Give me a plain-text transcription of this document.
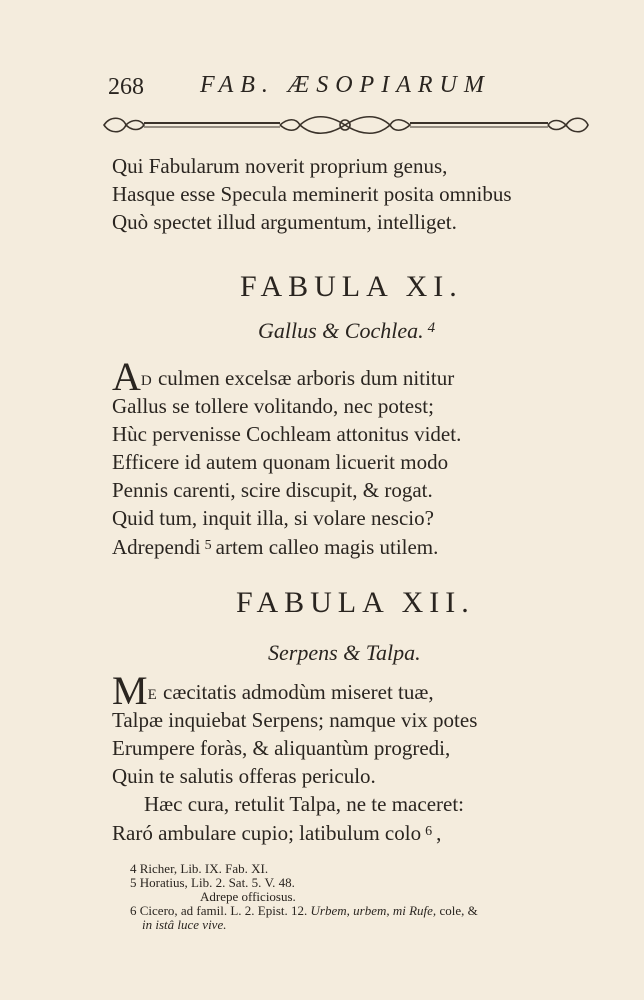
268 FAB. ÆSOPIARUM
Qui Fabularum noverit proprium genus,
Hasque esse Specula meminerit posita omnibus
Quò spectet illud argumentum, intelliget.
FABULA XI.
Gallus & Cochlea. $^4$
AD culmen excelsæ arboris dum nititur
Gallus se tollere volitando, nec potest;
Hùc pervenisse Cochleam attonitus videt.
Efficere id autem quonam licuerit modo
Pennis carenti, scire discupit, & rogat.
Quid tum, inquit illa, si volare nescio?
Adrependi $^5$ artem calleo magis utilem.
FABULA XII.
Serpens & Talpa.
ME cæcitatis admodùm miseret tuæ,
Talpæ inquiebat Serpens; namque vix potes
Erumpere foràs, & aliquantùm progredi,
Quin te salutis offeras periculo.
Hæc cura, retulit Talpa, ne te maceret:
Raró ambulare cupio; latibulum colo $^6$ ,
4 Richer, Lib. IX. Fab. XI.
5 Horatius, Lib. 2. Sat. 5. V. 48.
Adrepe officiosus.
6 Cicero, ad famil. L. 2. Epist. 12. Urbem, urbem, mi Rufe, cole, &
in istâ luce vive.
